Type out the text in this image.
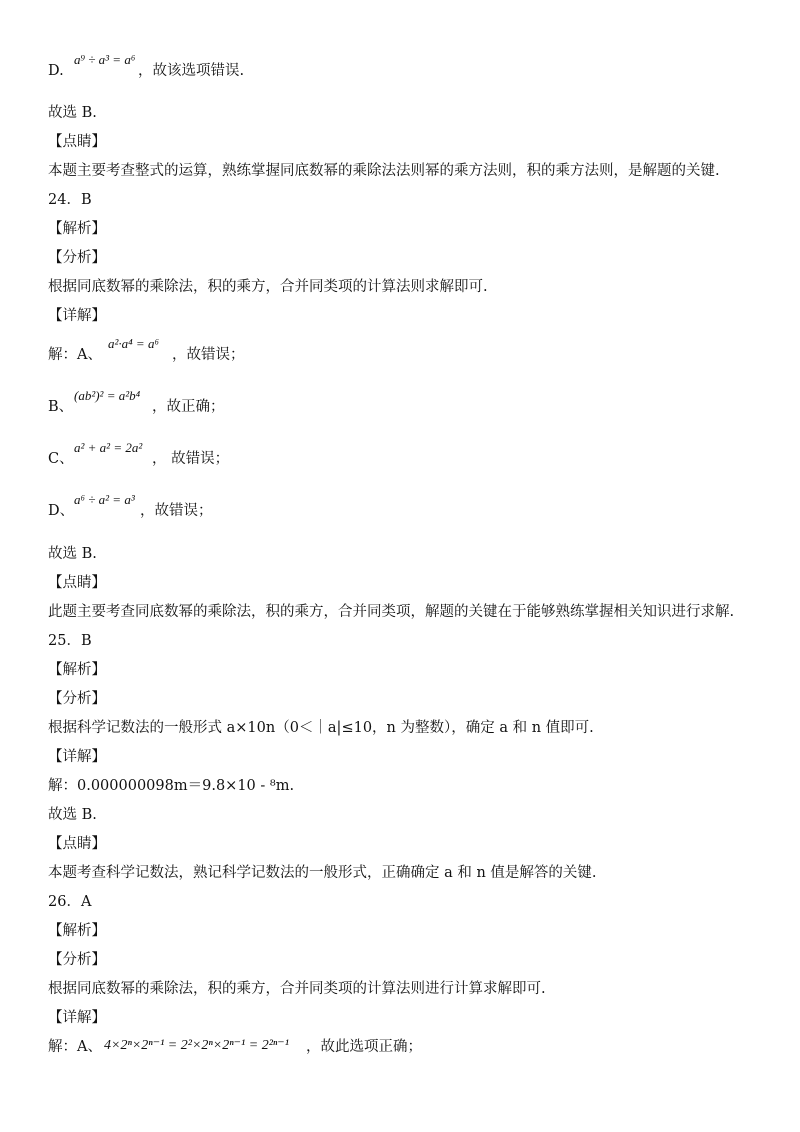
D.
a⁹ ÷ a³ = a⁶
，故该选项错误.
故选 B.
【点睛】
本题主要考查整式的运算，熟练掌握同底数幂的乘除法法则幂的乘方法则，积的乘方法则，是解题的关键.
24．B
【解析】
【分析】
根据同底数幂的乘除法，积的乘方，合并同类项的计算法则求解即可.
【详解】
解：A、
a²·a⁴ = a⁶
，故错误；
B、
(ab²)² = a²b⁴
，故正确；
C、
a² + a² = 2a²
， 故错误；
D、
a⁶ ÷ a² = a³
，故错误；
故选 B.
【点睛】
此题主要考查同底数幂的乘除法，积的乘方，合并同类项，解题的关键在于能够熟练掌握相关知识进行求解.
25．B
【解析】
【分析】
根据科学记数法的一般形式 a×10n（0＜｜a|≤10，n 为整数），确定 a 和 n 值即可.
【详解】
解：0.000000098m＝9.8×10 - ⁸m.
故选 B.
【点睛】
本题考查科学记数法，熟记科学记数法的一般形式，正确确定 a 和 n 值是解答的关键.
26．A
【解析】
【分析】
根据同底数幂的乘除法，积的乘方，合并同类项的计算法则进行计算求解即可.
【详解】
解：A、 4×2ⁿ×2ⁿ⁻¹ = 2²×2ⁿ×2ⁿ⁻¹ = 2²ⁿ⁻¹ ，故此选项正确；
